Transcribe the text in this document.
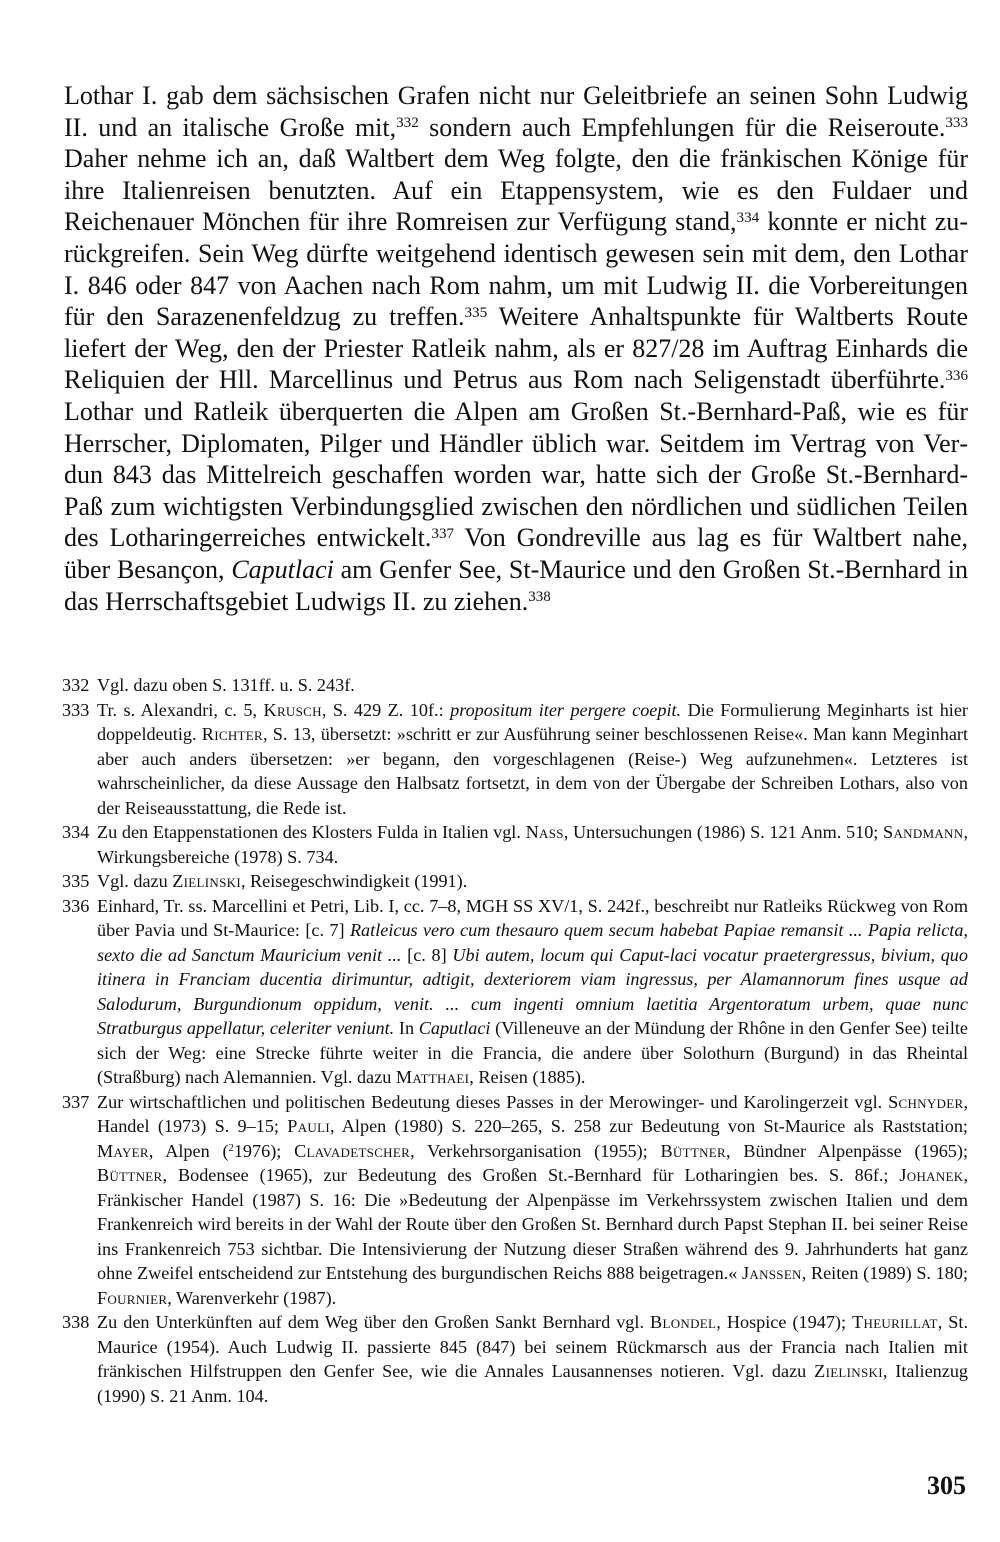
Lothar I. gab dem sächsischen Grafen nicht nur Geleitbriefe an seinen Sohn Ludwig II. und an italische Große mit,$^{332}$ sondern auch Empfehlungen für die Reiseroute.$^{333}$ Daher nehme ich an, daß Waltbert dem Weg folgte, den die fränkischen Könige für ihre Italienreisen benutzten. Auf ein Etappensystem, wie es den Fuldaer und Reichenauer Mönchen für ihre Romreisen zur Verfügung stand,$^{334}$ konnte er nicht zurückgreifen. Sein Weg dürfte weitgehend identisch gewesen sein mit dem, den Lothar I. 846 oder 847 von Aachen nach Rom nahm, um mit Ludwig II. die Vorbereitungen für den Sarazenenfeldzug zu treffen.$^{335}$ Weitere Anhaltspunkte für Waltberts Route liefert der Weg, den der Priester Ratleik nahm, als er 827/28 im Auftrag Einhards die Reliquien der Hll. Marcellinus und Petrus aus Rom nach Seligenstadt überführte.$^{336}$ Lothar und Ratleik überquerten die Alpen am Großen St.-Bernhard-Paß, wie es für Herrscher, Diplomaten, Pilger und Händler üblich war. Seitdem im Vertrag von Verdun 843 das Mittelreich geschaffen worden war, hatte sich der Große St.-Bernhard-Paß zum wichtigsten Verbindungsglied zwischen den nördlichen und südlichen Teilen des Lotharingerreiches entwickelt.$^{337}$ Von Gondreville aus lag es für Waltbert nahe, über Besançon, Caputlaci am Genfer See, St-Maurice und den Großen St.-Bernhard in das Herrschaftsgebiet Ludwigs II. zu ziehen.$^{338}$

332 Vgl. dazu oben S. 131ff. u. S. 243f.
333 Tr. s. Alexandri, c. 5, Krusch, S. 429 Z. 10f.: propositum iter pergere coepit. Die Formulierung Meginharts ist hier doppeldeutig. Richter, S. 13, übersetzt: »schritt er zur Ausführung seiner beschlossenen Reise«. Man kann Meginhart aber auch anders übersetzen: »er begann, den vorgeschlagenen (Reise-) Weg aufzunehmen«. Letzteres ist wahrscheinlicher, da diese Aussage den Halbsatz fortsetzt, in dem von der Übergabe der Schreiben Lothars, also von der Reiseausstattung, die Rede ist.
334 Zu den Etappenstationen des Klosters Fulda in Italien vgl. Nass, Untersuchungen (1986) S. 121 Anm. 510; Sandmann, Wirkungsbereiche (1978) S. 734.
335 Vgl. dazu Zielinski, Reisegeschwindigkeit (1991).
336 Einhard, Tr. ss. Marcellini et Petri, Lib. I, cc. 7–8, MGH SS XV/1, S. 242f., beschreibt nur Ratleiks Rückweg von Rom über Pavia und St-Maurice: [c. 7] Ratleicus vero cum thesauro quem secum habebat Papiae remansit ... Papia relicta, sexto die ad Sanctum Mauricium venit ... [c. 8] Ubi autem, locum qui Caput-laci vocatur praetergressus, bivium, quo itinera in Franciam ducentia dirimuntur, adtigit, dexteriorem viam ingressus, per Alamannorum fines usque ad Salodurum, Burgundionum oppidum, venit. ... cum ingenti omnium laetitia Argentoratum urbem, quae nunc Stratburgus appellatur, celeriter veniunt. In Caputlaci (Villeneuve an der Mündung der Rhône in den Genfer See) teilte sich der Weg: eine Strecke führte weiter in die Francia, die andere über Solothurn (Burgund) in das Rheintal (Straßburg) nach Alemannien. Vgl. dazu Matthaei, Reisen (1885).
337 Zur wirtschaftlichen und politischen Bedeutung dieses Passes in der Merowinger- und Karolingerzeit vgl. Schnyder, Handel (1973) S. 9–15; Pauli, Alpen (1980) S. 220–265, S. 258 zur Bedeutung von St-Maurice als Raststation; Mayer, Alpen ($^2$1976); Clavadetscher, Verkehrsorganisation (1955); Büttner, Bündner Alpenpässe (1965); Büttner, Bodensee (1965), zur Bedeutung des Großen St.-Bernhard für Lotharingien bes. S. 86f.; Johanek, Fränkischer Handel (1987) S. 16: Die »Bedeutung der Alpenpässe im Verkehrssystem zwischen Italien und dem Frankenreich wird bereits in der Wahl der Route über den Großen St. Bernhard durch Papst Stephan II. bei seiner Reise ins Frankenreich 753 sichtbar. Die Intensivierung der Nutzung dieser Straßen während des 9. Jahrhunderts hat ganz ohne Zweifel entscheidend zur Entstehung des burgundischen Reichs 888 beigetragen.« Janssen, Reiten (1989) S. 180; Fournier, Warenverkehr (1987).
338 Zu den Unterkünften auf dem Weg über den Großen Sankt Bernhard vgl. Blondel, Hospice (1947); Theurillat, St. Maurice (1954). Auch Ludwig II. passierte 845 (847) bei seinem Rückmarsch aus der Francia nach Italien mit fränkischen Hilfstruppen den Genfer See, wie die Annales Lausannenses notieren. Vgl. dazu Zielinski, Italienzug (1990) S. 21 Anm. 104.
305
